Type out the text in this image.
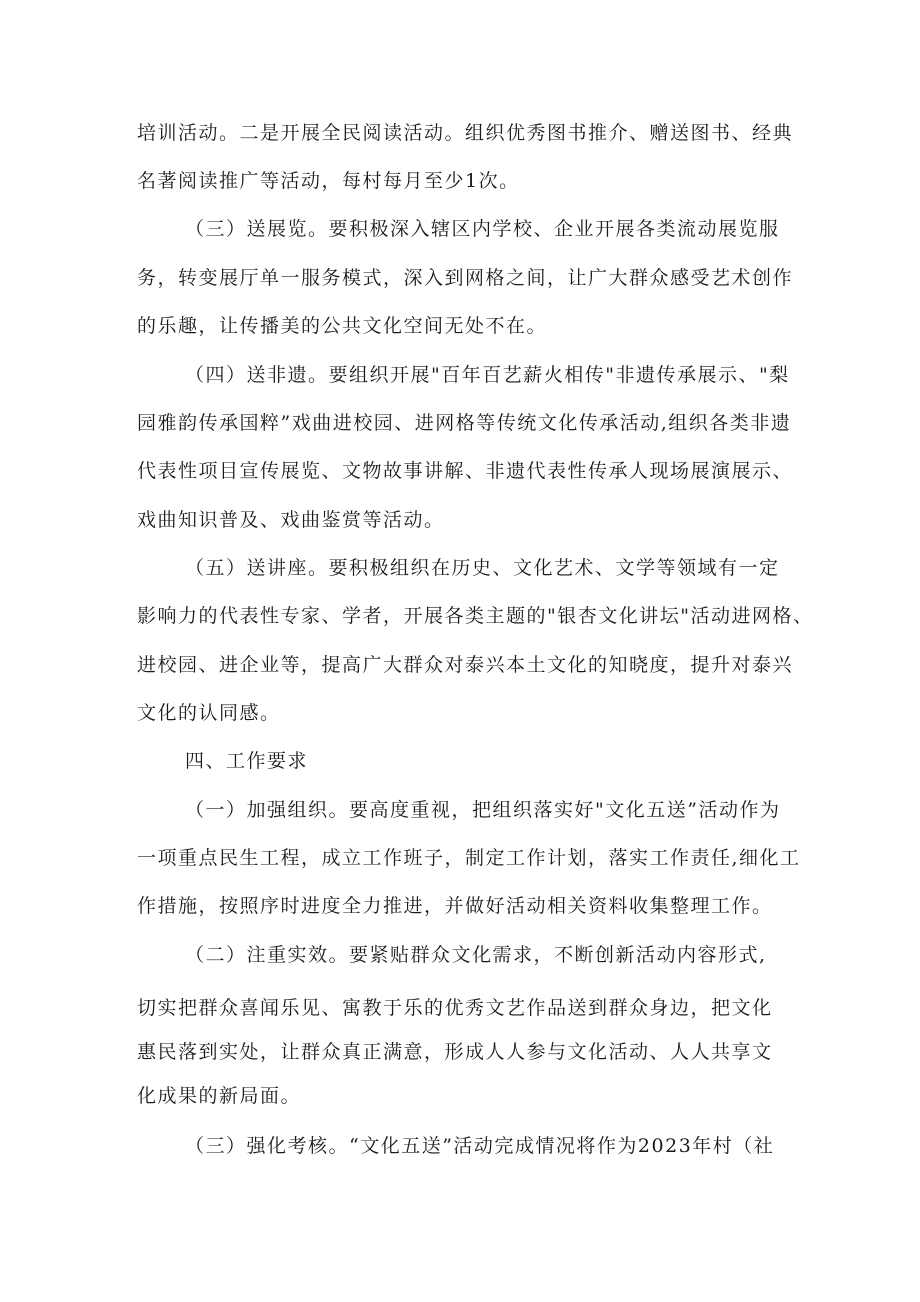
培训活动。二是开展全民阅读活动。组织优秀图书推介、赠送图书、经典
名著阅读推广等活动，每村每月至少1次。
（三）送展览。要积极深入辖区内学校、企业开展各类流动展览服
务，转变展厅单一服务模式，深入到网格之间，让广大群众感受艺术创作
的乐趣，让传播美的公共文化空间无处不在。
（四）送非遗。要组织开展"百年百艺薪火相传"非遗传承展示、"梨
园雅韵传承国粹”戏曲进校园、进网格等传统文化传承活动,组织各类非遗
代表性项目宣传展览、文物故事讲解、非遗代表性传承人现场展演展示、
戏曲知识普及、戏曲鉴赏等活动。
（五）送讲座。要积极组织在历史、文化艺术、文学等领域有一定
影响力的代表性专家、学者，开展各类主题的"银杏文化讲坛"活动进网格、
进校园、进企业等，提高广大群众对泰兴本土文化的知晓度，提升对泰兴
文化的认同感。
四、工作要求
（一）加强组织。要高度重视，把组织落实好"文化五送”活动作为
一项重点民生工程，成立工作班子，制定工作计划，落实工作责任,细化工
作措施，按照序时进度全力推进，并做好活动相关资料收集整理工作。
（二）注重实效。要紧贴群众文化需求，不断创新活动内容形式,
切实把群众喜闻乐见、寓教于乐的优秀文艺作品送到群众身边，把文化
惠民落到实处，让群众真正满意，形成人人参与文化活动、人人共享文
化成果的新局面。
（三）强化考核。“文化五送”活动完成情况将作为2023年村（社
